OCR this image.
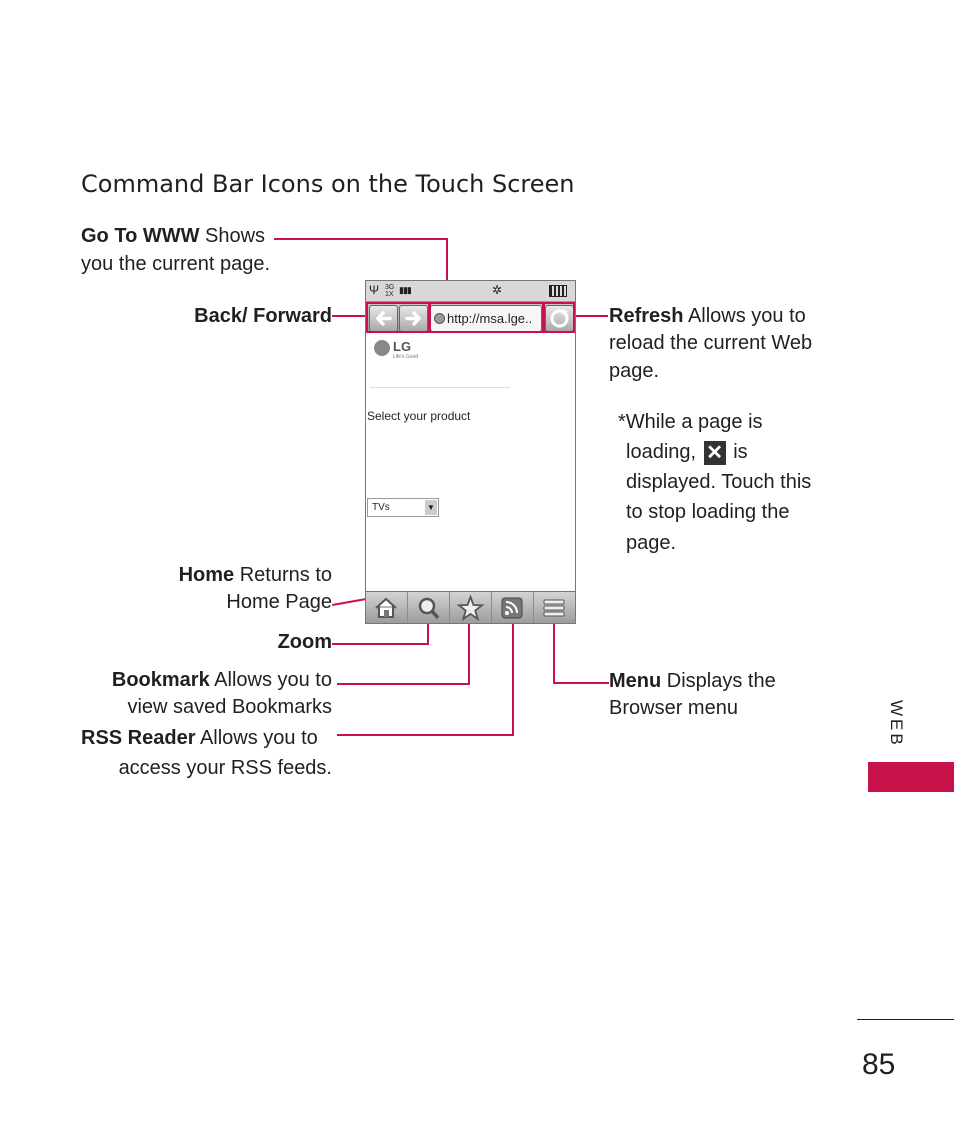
Command Bar Icons on the Touch Screen
Go To WWW Shows
you the current page.
Back/ Forward	Refresh Allows you to
reload the current Web
page.
*While a page is
loading, ✕ is
displayed. Touch this
to stop loading the
page.
Home Returns to
Home Page
Zoom
Bookmark Allows you to
view saved Bookmarks
RSS Reader Allows you to
access your RSS feeds.
Menu Displays the
Browser menu
Ψ 3G 1X ▮▮▮	✲
http://msa.lge..
LG
Life's Good
Select your product
TVs	▼
WEB
85
